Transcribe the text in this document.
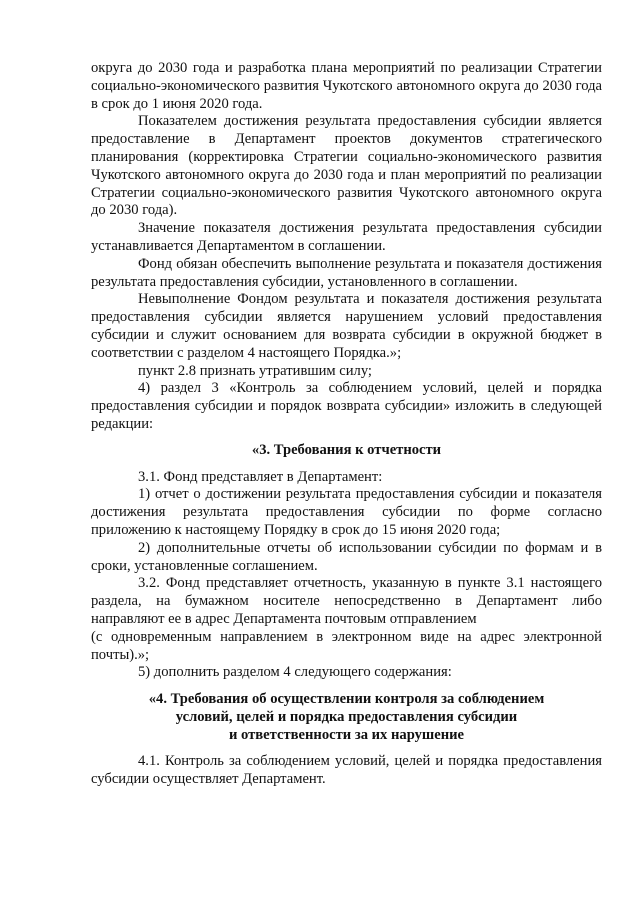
округа до 2030 года и разработка плана мероприятий по реализации Стратегии социально-экономического развития Чукотского автономного округа до 2030 года в срок до 1 июня 2020 года.

Показателем достижения результата предоставления субсидии является предоставление в Департамент проектов документов стратегического планирования (корректировка Стратегии социально-экономического развития Чукотского автономного округа до 2030 года и план мероприятий по реализации Стратегии социально-экономического развития Чукотского автономного округа до 2030 года).

Значение показателя достижения результата предоставления субсидии устанавливается Департаментом в соглашении.

Фонд обязан обеспечить выполнение результата и показателя достижения результата предоставления субсидии, установленного в соглашении.

Невыполнение Фондом результата и показателя достижения результата предоставления субсидии является нарушением условий предоставления субсидии и служит основанием для возврата субсидии в окружной бюджет в соответствии с разделом 4 настоящего Порядка.»;

пункт 2.8 признать утратившим силу;

4) раздел 3 «Контроль за соблюдением условий, целей и порядка предоставления субсидии и порядок возврата субсидии» изложить в следующей редакции:

«3. Требования к отчетности

3.1. Фонд представляет в Департамент:

1) отчет о достижении результата предоставления субсидии и показателя достижения результата предоставления субсидии по форме согласно приложению к настоящему Порядку в срок до 15 июня 2020 года;

2) дополнительные отчеты об использовании субсидии по формам и в сроки, установленные соглашением.

3.2. Фонд представляет отчетность, указанную в пункте 3.1 настоящего раздела, на бумажном носителе непосредственно в Департамент либо направляют ее в адрес Департамента почтовым отправлением

(с одновременным направлением в электронном виде на адрес электронной почты).»;

5) дополнить разделом 4 следующего содержания:

«4. Требования об осуществлении контроля за соблюдением

условий, целей и порядка предоставления субсидии

и ответственности за их нарушение

4.1. Контроль за соблюдением условий, целей и порядка предоставления субсидии осуществляет Департамент.
